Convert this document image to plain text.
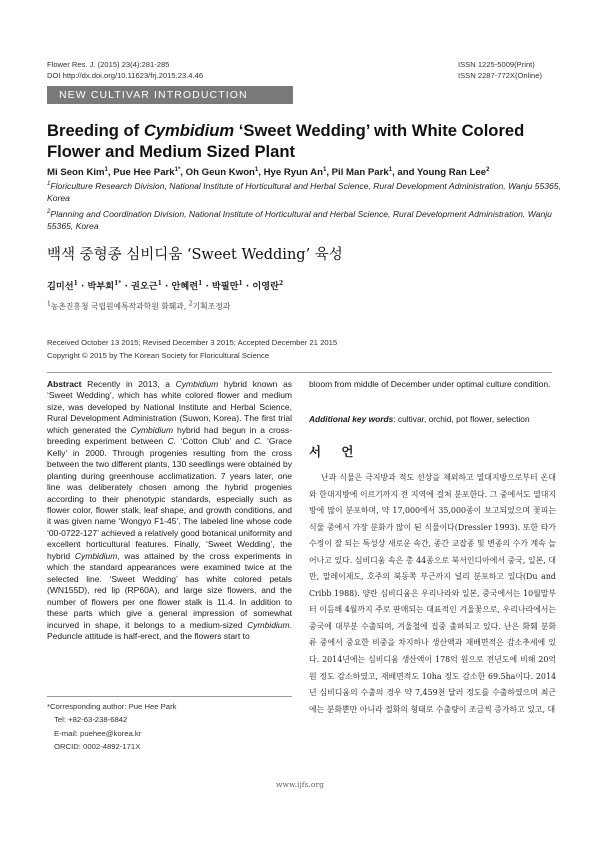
Flower Res. J. (2015) 23(4):281-285
DOI http://dx.doi.org/10.11623/frj.2015.23.4.46
ISSN 1225-5009(Print)
ISSN 2287-772X(Online)
NEW CULTIVAR INTRODUCTION
Breeding of Cymbidium ‘Sweet Wedding’ with White Colored Flower and Medium Sized Plant
Mi Seon Kim$^1$, Pue Hee Park$^{1*}$, Oh Geun Kwon$^1$, Hye Ryun An$^1$, Pil Man Park$^1$, and Young Ran Lee$^2$
$^1$Floriculture Research Division, National Institute of Horticultural and Herbal Science, Rural Development Administration, Wanju 55365, Korea
$^2$Planning and Coordination Division, National Institute of Horticultural and Herbal Science, Rural Development Administration, Wanju 55365, Korea
백색 중형종 심비디움 ‘Sweet Wedding’ 육성
김미선$^1$ · 박부희$^{1*}$ · 권오근$^1$ · 안혜련$^1$ · 박필만$^1$ · 이영란$^2$
$^1$농촌진흥청 국립원예특작과학원 화훼과, $^2$기획조정과
Received October 13 2015; Revised December 3 2015; Accepted December 21 2015
Copyright © 2015 by The Korean Society for Floricultural Science
Abstract Recently in 2013, a Cymbidium hybrid known as ‘Sweet Wedding’, which has white colored flower and medium size, was developed by National Institute and Herbal Science, Rural Development Administration (Suwon, Korea). The first trial which generated the Cymbidium hybrid had begun in a cross-breeding experiment between C. ‘Cotton Club’ and C. ‘Grace Kelly’ in 2000. Through progenies resulting from the cross between the two different plants, 130 seedlings were obtained by planting during greenhouse acclimatization. 7 years later, one line was deliberately chosen among the hybrid progenies according to their phenotypic standards, especially such as flower color, flower stalk, leaf shape, and growth conditions, and it was given name ‘Wongyo F1-45’. The labeled line whose code ‘00-0722-127’ achieved a relatively good botanical uniformity and excellent horticultural features. Finally, ‘Sweet Wedding’, the hybrid Cymbidium, was attained by the cross experiments in which the standard appearances were examined twice at the selected line. ‘Sweet Wedding’ has white colored petals (WN155D), red lip (RP60A), and large size flowers, and the number of flowers per one flower stalk is 11.4. In addition to these parts which give a general impression of somewhat incurved in shape, it belongs to a medium-sized Cymbidium. Peduncle attitude is half-erect, and the flowers start to
*Corresponding author: Pue Hee Park
Tel: +82-63-238-6842
E-mail: puehee@korea.kr
ORCID: 0002-4892-171X
bloom from middle of December under optimal culture condition.
Additional key words: cultivar, orchid, pot flower, selection
서 언

난과 식물은 극지방과 적도 선상을 제외하고 열대지방으로부터 온대와 한대지방에 이르기까지 전 지역에 걸쳐 분포한다. 그 중에서도 열대지방에 많이 분포하며, 약 17,000에서 35,000종이 보고되었으며 꽃피는 식물 중에서 가장 분화가 많이 된 식물이다(Dressler 1993). 또한 타가수정이 잘 되는 특성상 새로운 속간, 종간 교잡종 및 변종의 수가 계속 늘어나고 있다. 심비디움 속은 총 44종으로 북서인디아에서 중국, 일본, 대만, 말레이제도, 호주의 북동쪽 부근까지 널리 분포하고 있다(Du and Cribb 1988). 양란 심비디움은 우리나라와 일본, 중국에서는 10월말부터 이듬해 4월까지 주로 판매되는 대표적인 겨울꽃으로, 우리나라에서는 중국에 대부분 수출되며, 겨울철에 집중 출하되고 있다. 난은 화훼 분화류 중에서 중요한 비중을 차지하나 생산액과 재배면적은 감소추세에 있다. 2014년에는 심비디움 생산액이 178억 원으로 전년도에 비해 20억 원 정도 감소하였고, 재배면적도 10ha 정도 감소한 69.5ha이다. 2014년 심비디움의 수출의 경우 약 7,459천 달러 정도를 수출하였으며 최근에는 분화뿐만 아니라 절화의 형태로 수출량이 조금씩 증가하고 있고, 대

www.ijfs.org
